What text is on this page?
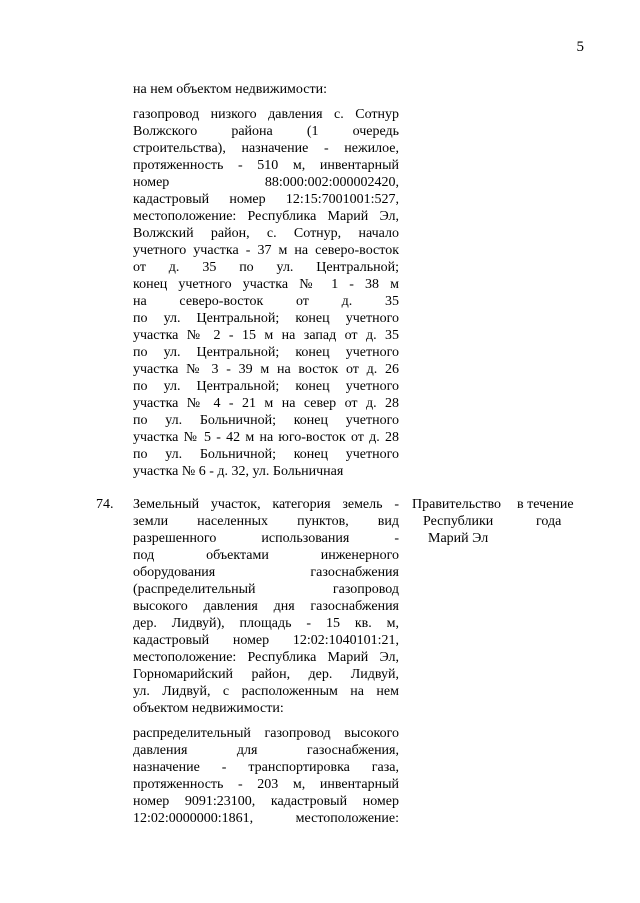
5
на нем объектом недвижимости:
газопровод низкого давления с. Сотнур
Волжского района (1 очередь
строительства), назначение - нежилое,
протяженность - 510 м, инвентарный
номер 88:000:002:000002420,
кадастровый номер 12:15:7001001:527,
местоположение: Республика Марий Эл,
Волжский район, с. Сотнур, начало
учетного участка - 37 м на северо-восток
от д. 35 по ул. Центральной;
конец учетного участка № 1 - 38 м
на северо-восток от д. 35
по ул. Центральной; конец учетного
участка № 2 - 15 м на запад от д. 35
по ул. Центральной; конец учетного
участка № 3 - 39 м на восток от д. 26
по ул. Центральной; конец учетного
участка № 4 - 21 м на север от д. 28
по ул. Больничной; конец учетного
участка № 5 - 42 м на юго-восток от д. 28
по ул. Больничной; конец учетного
участка № 6 - д. 32, ул. Больничная
74. Земельный участок, категория земель -
земли населенных пунктов, вид
разрешенного использования -
под объектами инженерного
оборудования газоснабжения
(распределительный газопровод
высокого давления дня газоснабжения
дер. Лидвуй), площадь - 15 кв. м,
кадастровый номер 12:02:1040101:21,
местоположение: Республика Марий Эл,
Горномарийский район, дер. Лидвуй,
ул. Лидвуй, с расположенным на нем
объектом недвижимости:
распределительный газопровод высокого
давления для газоснабжения,
назначение - транспортировка газа,
протяженность - 203 м, инвентарный
номер 9091:23100, кадастровый номер
12:02:0000000:1861, местоположение:
Правительство
Республики
Марий Эл
в течение
года
